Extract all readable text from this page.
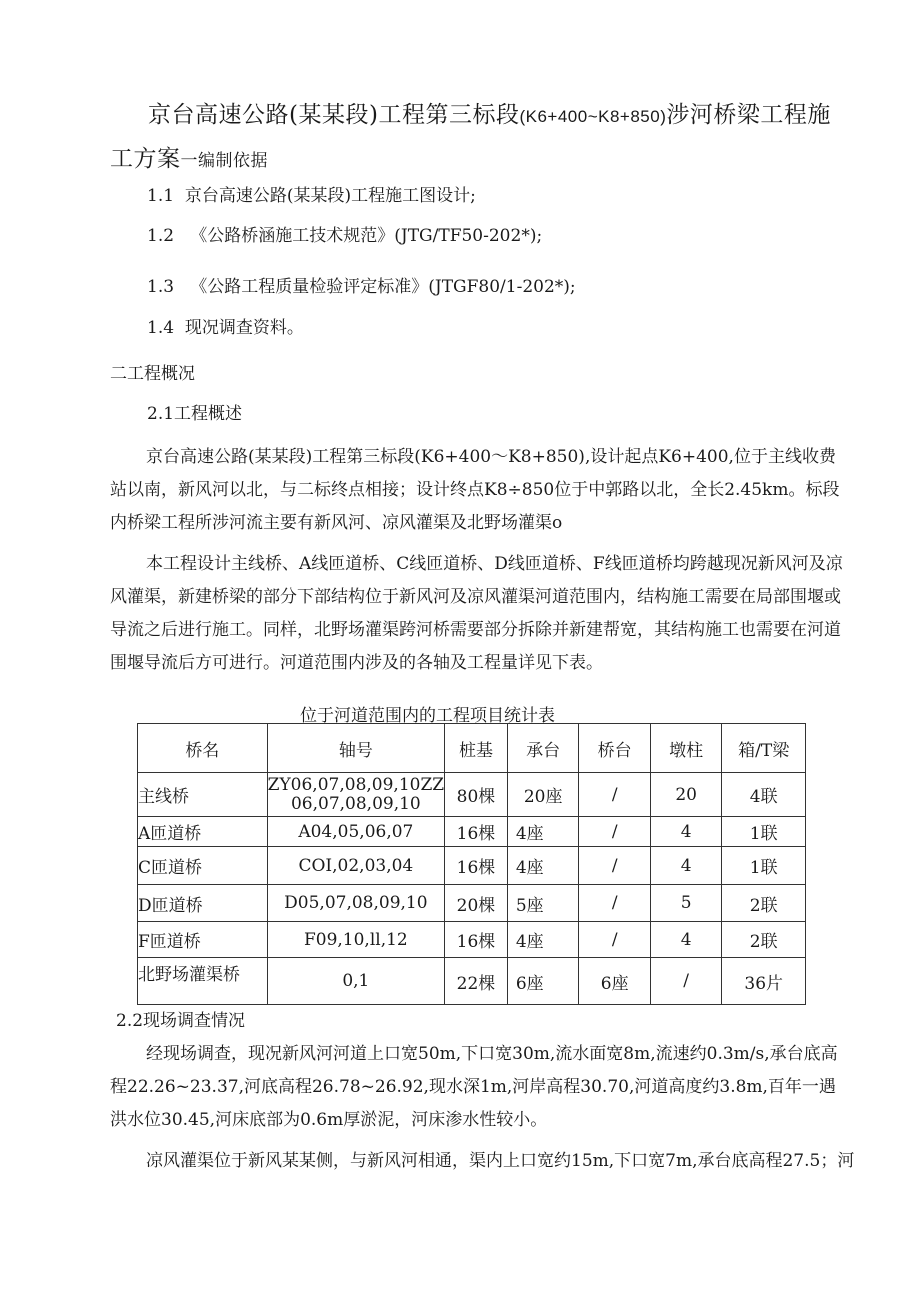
京台高速公路(某某段)工程第三标段(K6+400~K8+850)涉河桥梁工程施
工方案一编制依据
1.1 京台高速公路(某某段)工程施工图设计;
1.2 《公路桥涵施工技术规范》(JTG/TF50-202*);
1.3 《公路工程质量检验评定标准》(JTGF80/1-202*);
1.4 现况调查资料。
二工程概况
2.1工程概述
京台高速公路(某某段)工程第三标段(K6+400〜K8+850),设计起点K6+400,位于主线收费站以南，新风河以北，与二标终点相接；设计终点K8÷850位于中郭路以北，全长2.45km。标段内桥梁工程所涉河流主要有新风河、凉风灌渠及北野场灌渠o
本工程设计主线桥、A线匝道桥、C线匝道桥、D线匝道桥、F线匝道桥均跨越现况新风河及凉风灌渠，新建桥梁的部分下部结构位于新风河及凉风灌渠河道范围内，结构施工需要在局部围堰或导流之后进行施工。同样，北野场灌渠跨河桥需要部分拆除并新建帮宽，其结构施工也需要在河道围堰导流后方可进行。河道范围内涉及的各轴及工程量详见下表。
位于河道范围内的工程项目统计表
桥名	轴号	桩基	承台	桥台	墩柱	箱/T梁
主线桥	ZY06,07,08,09,10ZZ
06,07,08,09,10	80棵	20座	/	20	4联
A匝道桥	A04,05,06,07	16棵	4座	/	4	1联
C匝道桥	COI,02,03,04	16棵	4座	/	4	1联
D匝道桥	D05,07,08,09,10	20棵	5座	/	5	2联
F匝道桥	F09,10,ll,12	16棵	4座	/	4	2联
北野场灌渠桥	0,1	22棵	6座	6座	/	36片
2.2现场调查情况
经现场调查，现况新风河河道上口宽50m,下口宽30m,流水面宽8m,流速约0.3m∕s,承台底高程22.26~23.37,河底高程26.78~26.92,现水深1m,河岸高程30.70,河道高度约3.8m,百年一遇洪水位30.45,河床底部为0.6m厚淤泥，河床渗水性较小。
凉风灌渠位于新风某某侧，与新风河相通，渠内上口宽约15m,下口宽7m,承台底高程27.5；河
